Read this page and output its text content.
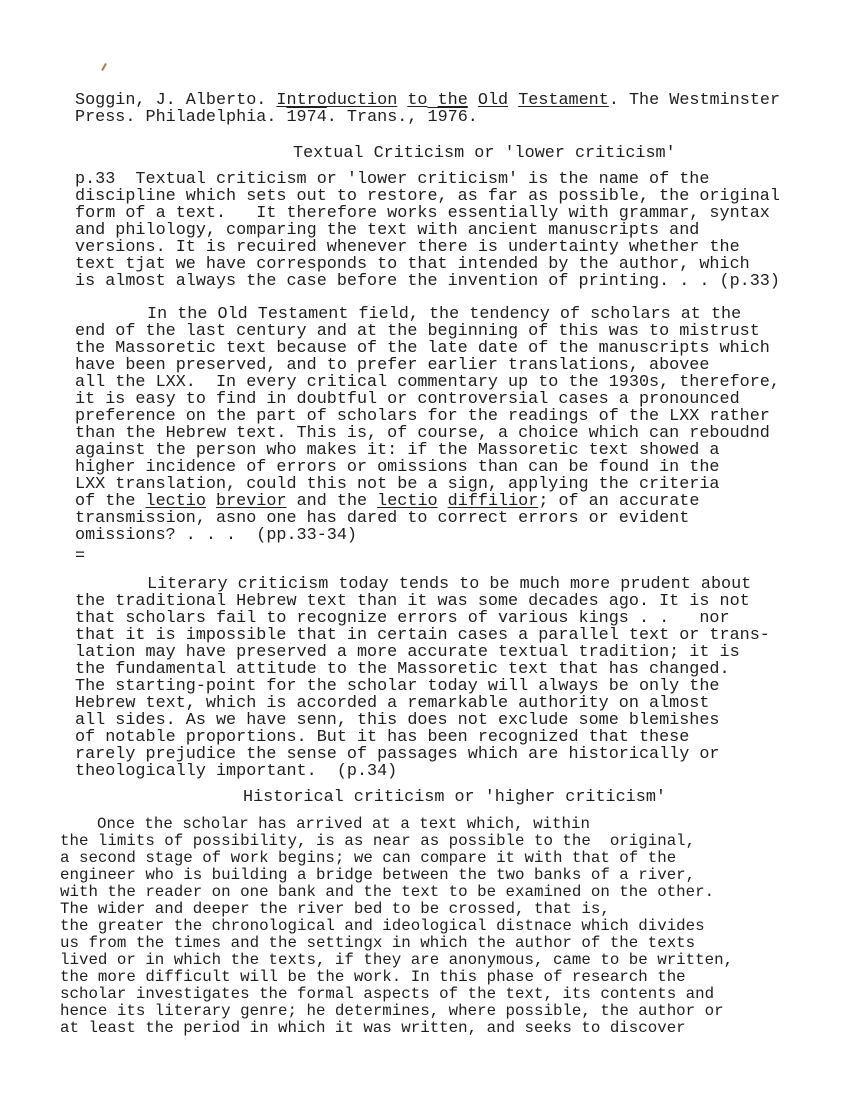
Soggin, J. Alberto. Introduction to the Old Testament. The Westminster
Press. Philadelphia. 1974. Trans., 1976.
Textual Criticism or 'lower criticism'
p.33  Textual criticism or 'lower criticism' is the name of the
discipline which sets out to restore, as far as possible, the original
form of a text.   It therefore works essentially with grammar, syntax
and philology, comparing the text with ancient manuscripts and
versions. It is recuired whenever there is undertainty whether the
text tjat we have corresponds to that intended by the author, which
is almost always the case before the invention of printing. . . (p.33)
In the Old Testament field, the tendency of scholars at the
end of the last century and at the beginning of this was to mistrust
the Massoretic text because of the late date of the manuscripts which
have been preserved, and to prefer earlier translations, abovee
all the LXX.  In every critical commentary up to the 1930s, therefore,
it is easy to find in doubtful or controversial cases a pronounced
preference on the part of scholars for the readings of the LXX rather
than the Hebrew text. This is, of course, a choice which can reboudnd
against the person who makes it: if the Massoretic text showed a
higher incidence of errors or omissions than can be found in the
LXX translation, could this not be a sign, applying the criteria
of the lectio brevior and the lectio diffilior; of an accurate
transmission, asno one has dared to correct errors or evident
omissions? . . .  (pp.33-34)
=
Literary criticism today tends to be much more prudent about
the traditional Hebrew text than it was some decades ago. It is not
that scholars fail to recognize errors of various kings . .   nor
that it is impossible that in certain cases a parallel text or trans-
lation may have preserved a more accurate textual tradition; it is
the fundamental attitude to the Massoretic text that has changed.
The starting-point for the scholar today will always be only the
Hebrew text, which is accorded a remarkable authority on almost
all sides. As we have senn, this does not exclude some blemishes
of notable proportions. But it has been recognized that these
rarely prejudice the sense of passages which are historically or
theologically important.  (p.34)
Historical criticism or 'higher criticism'
Once the scholar has arrived at a text which, within
the limits of possibility, is as near as possible to the  original,
a second stage of work begins; we can compare it with that of the
engineer who is building a bridge between the two banks of a river,
with the reader on one bank and the text to be examined on the other.
The wider and deeper the river bed to be crossed, that is,
the greater the chronological and ideological distnace which divides
us from the times and the settingx in which the author of the texts
lived or in which the texts, if they are anonymous, came to be written,
the more difficult will be the work. In this phase of research the
scholar investigates the formal aspects of the text, its contents and
hence its literary genre; he determines, where possible, the author or
at least the period in which it was written, and seeks to discover
